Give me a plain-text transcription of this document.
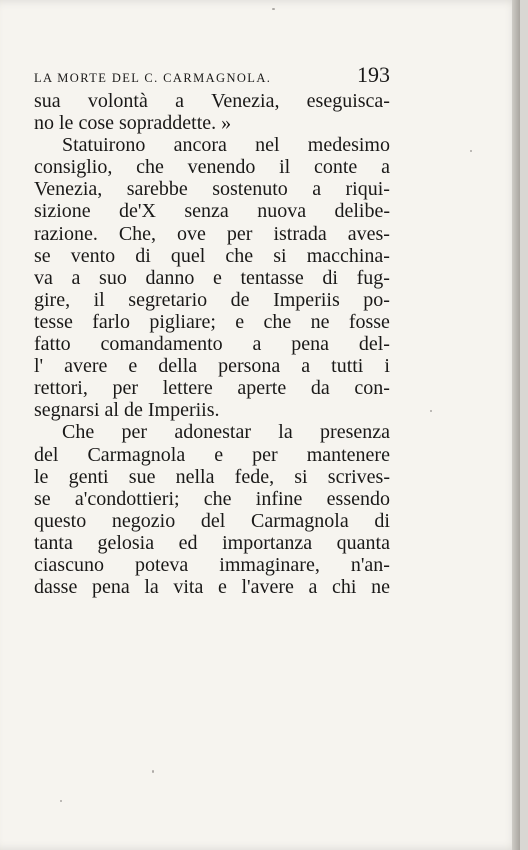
LA MORTE DEL C. CARMAGNOLA.	193
sua volontà a Venezia, eseguisca-
no le cose sopraddette. »
Statuirono ancora nel medesimo
consiglio, che venendo il conte a
Venezia, sarebbe sostenuto a riqui-
sizione de'X senza nuova delibe-
razione. Che, ove per istrada aves-
se vento di quel che si macchina-
va a suo danno e tentasse di fug-
gire, il segretario de Imperiis po-
tesse farlo pigliare; e che ne fosse
fatto comandamento a pena del-
l' avere e della persona a tutti i
rettori, per lettere aperte da con-
segnarsi al de Imperiis.
Che per adonestar la presenza
del Carmagnola e per mantenere
le genti sue nella fede, si scrives-
se a'condottieri; che infine essendo
questo negozio del Carmagnola di
tanta gelosia ed importanza quanta
ciascuno poteva immaginare, n'an-
dasse pena la vita e l'avere a chi ne
